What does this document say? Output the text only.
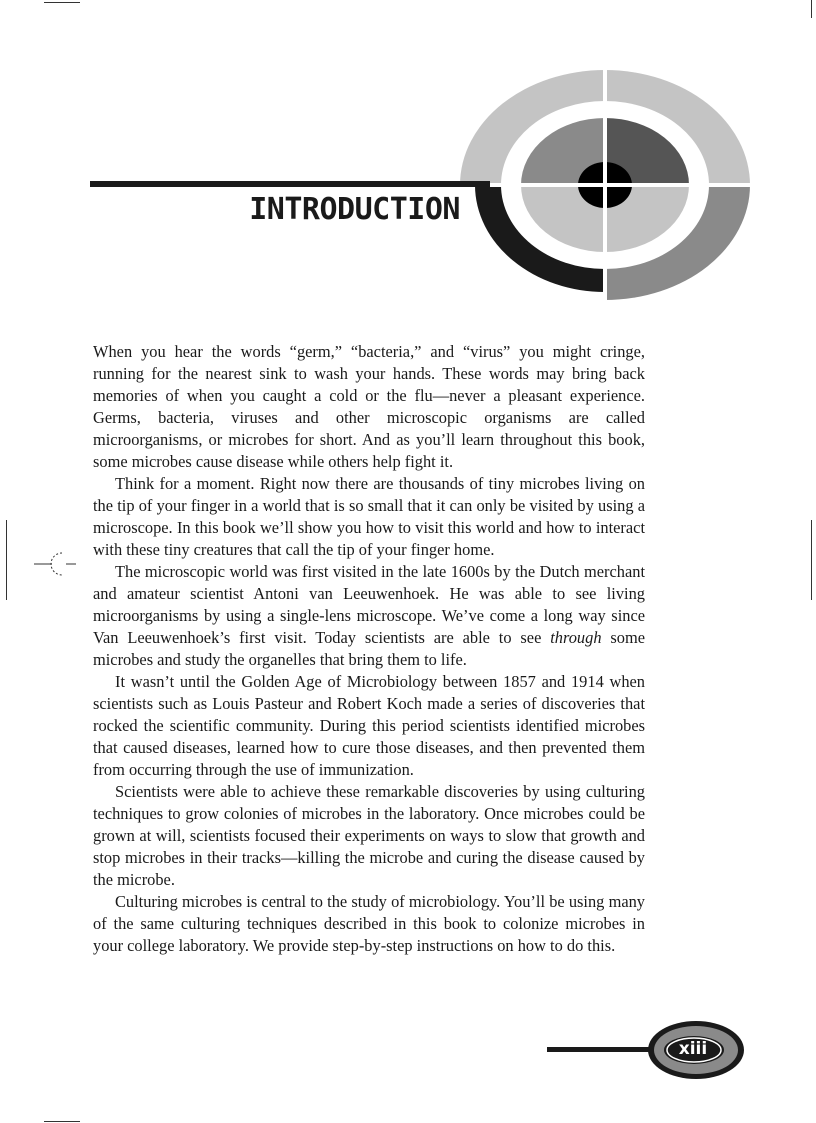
INTRODUCTION

When you hear the words “germ,” “bacteria,” and “virus” you might cringe, running for the nearest sink to wash your hands. These words may bring back memories of when you caught a cold or the flu—never a pleasant experience. Germs, bacteria, viruses and other microscopic organisms are called microorganisms, or microbes for short. And as you’ll learn throughout this book, some microbes cause disease while others help fight it.

Think for a moment. Right now there are thousands of tiny microbes living on the tip of your finger in a world that is so small that it can only be visited by using a microscope. In this book we’ll show you how to visit this world and how to interact with these tiny creatures that call the tip of your finger home.

The microscopic world was first visited in the late 1600s by the Dutch merchant and amateur scientist Antoni van Leeuwenhoek. He was able to see living microorganisms by using a single-lens microscope. We’ve come a long way since Van Leeuwenhoek’s first visit. Today scientists are able to see through some microbes and study the organelles that bring them to life.

It wasn’t until the Golden Age of Microbiology between 1857 and 1914 when scientists such as Louis Pasteur and Robert Koch made a series of discoveries that rocked the scientific community. During this period scientists identified microbes that caused diseases, learned how to cure those diseases, and then prevented them from occurring through the use of immunization.

Scientists were able to achieve these remarkable discoveries by using culturing techniques to grow colonies of microbes in the laboratory. Once microbes could be grown at will, scientists focused their experiments on ways to slow that growth and stop microbes in their tracks—killing the microbe and curing the disease caused by the microbe.

Culturing microbes is central to the study of microbiology. You’ll be using many of the same culturing techniques described in this book to colonize microbes in your college laboratory. We provide step-by-step instructions on how to do this.

xiii
